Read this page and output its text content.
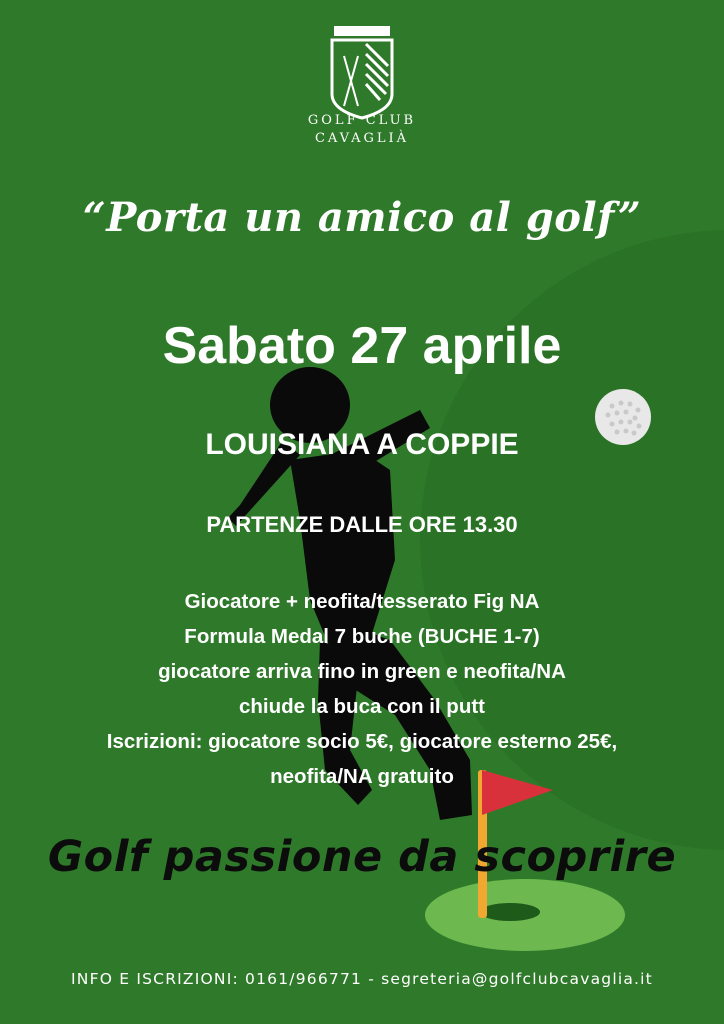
GOLF CLUB
CAVAGLIÀ
“Porta un amico al golf”
Sabato 27 aprile
LOUISIANA A COPPIE
PARTENZE DALLE ORE 13.30
Giocatore + neofita/tesserato Fig NA
Formula Medal 7 buche (BUCHE 1-7)
giocatore arriva fino in green e neofita/NA
chiude la buca con il putt
Iscrizioni: giocatore socio 5€, giocatore esterno 25€,
neofita/NA gratuito
Golf passione da scoprire
INFO E ISCRIZIONI: 0161/966771 - segreteria@golfclubcavaglia.it
